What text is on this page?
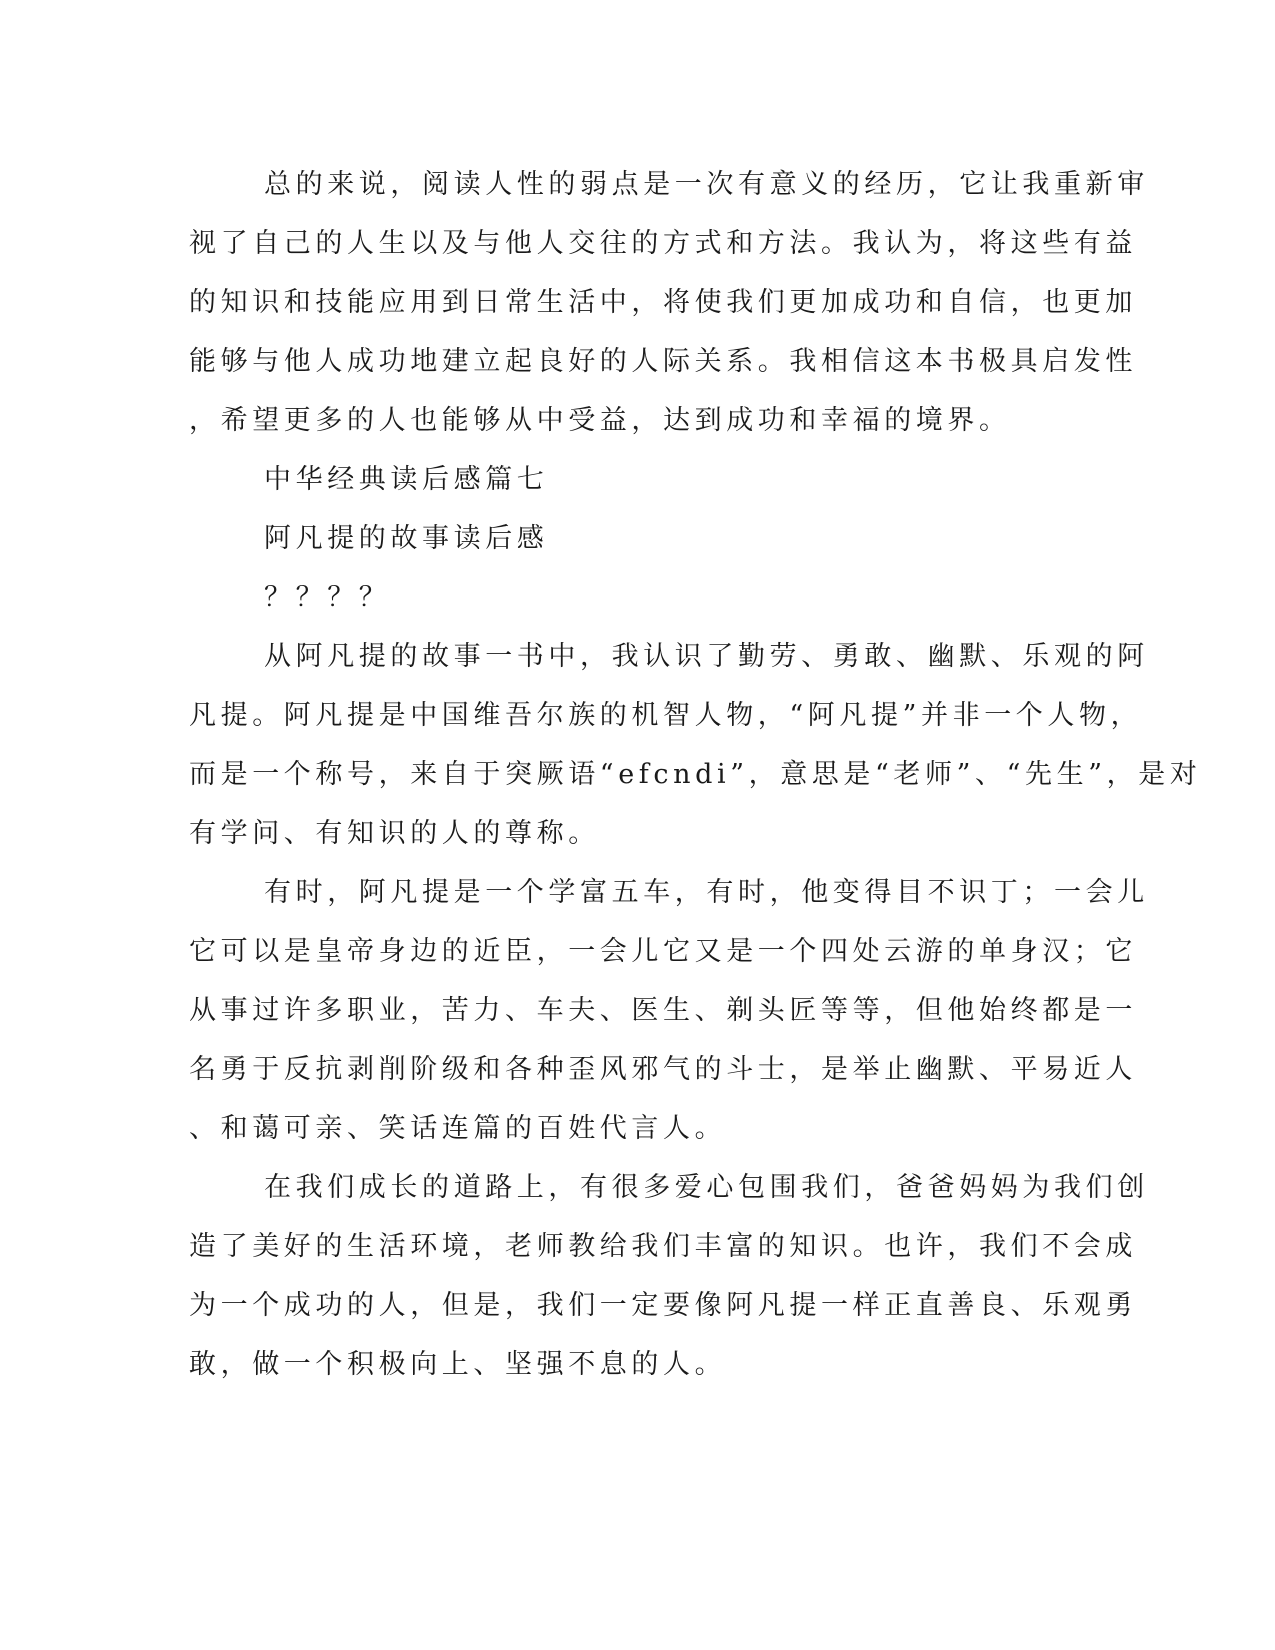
总的来说，阅读人性的弱点是一次有意义的经历，它让我重新审
视了自己的人生以及与他人交往的方式和方法。我认为，将这些有益
的知识和技能应用到日常生活中，将使我们更加成功和自信，也更加
能够与他人成功地建立起良好的人际关系。我相信这本书极具启发性
，希望更多的人也能够从中受益，达到成功和幸福的境界。
中华经典读后感篇七
阿凡提的故事读后感
？？？？
从阿凡提的故事一书中，我认识了勤劳、勇敢、幽默、乐观的阿
凡提。阿凡提是中国维吾尔族的机智人物，“阿凡提”并非一个人物，
而是一个称号，来自于突厥语“efcndi”，意思是“老师”、“先生”，是对
有学问、有知识的人的尊称。
有时，阿凡提是一个学富五车，有时，他变得目不识丁；一会儿
它可以是皇帝身边的近臣，一会儿它又是一个四处云游的单身汉；它
从事过许多职业，苦力、车夫、医生、剃头匠等等，但他始终都是一
名勇于反抗剥削阶级和各种歪风邪气的斗士，是举止幽默、平易近人
、和蔼可亲、笑话连篇的百姓代言人。
在我们成长的道路上，有很多爱心包围我们，爸爸妈妈为我们创
造了美好的生活环境，老师教给我们丰富的知识。也许，我们不会成
为一个成功的人，但是，我们一定要像阿凡提一样正直善良、乐观勇
敢，做一个积极向上、坚强不息的人。
